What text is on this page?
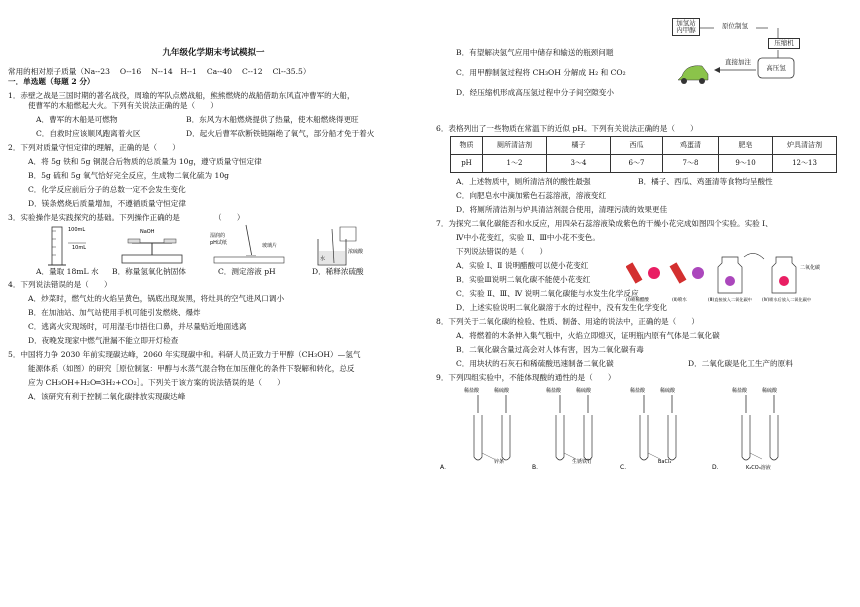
九年级化学期末考试模拟一
常用的相对原子质量（Na--23　 O--16　 N--14　H--1　 Ca--40　 C--12　 Cl--35.5）
一．单选题（每题 2 分）
1．赤壁之战是三国时期的著名战役，周瑜的军队点燃战船，熊熊燃烧的战船借助东风直冲曹军的大船，
使曹军的木船燃起大火。下列有关说法正确的是（　　）
A．曹军的木船是可燃物	B．东风为木船燃烧提供了热量，使木船燃烧得更旺
C．自救时应该顺风跑离着火区	D．起火后曹军砍断铁链隔绝了氧气，部分船才免于着火
2．下列对质量守恒定律的理解，正确的是（　　）
A．将 5g 铁和 5g 铜混合后物质的总质量为 10g，遵守质量守恒定律
B．5g 硫和 5g 氧气恰好完全反应，生成物二氧化硫为 10g
C．化学反应前后分子的总数一定不会发生变化
D．镁条燃烧后质量增加，不遵循质量守恒定律
3．实验操作是实践探究的基础。下列操作正确的是　　　　　（　　）
100mL
10mL
NaOH
湿润的
pH试纸	玻璃片
浓硫酸
水
A．量取 18mL 水	B．称量氢氧化钠固体	C．测定溶液 pH	D．稀释浓硫酸
4．下列说法错误的是（　　）
A．炒菜时，燃气灶的火焰呈黄色，锅底出现炭黑，将灶具的空气进风口调小
B．在加油站、加气站使用手机可能引发燃烧、爆炸
C．逃离火灾现场时，可用湿毛巾捂住口鼻，并尽量贴近地面逃离
D．夜晚发现家中燃气泄漏不能立即开灯检查
5．中国将力争 2030 年前实现碳达峰，2060 年实现碳中和。科研人员正致力于甲醇（CH₃OH）—氢气
能源体系（如图）的研究［原位制氢：甲醇与水蒸气混合物在加压催化的条件下裂解和转化，总反
应为 CH₃OH+H₂O═3H₂+CO₂］。下列关于该方案的说法错误的是（　　）
A．该研究有利于控制二氧化碳排放实现碳达峰
B．有望解决氢气应用中储存和输送的瓶颈问题
C．用甲醇制氢过程将 CH₃OH 分解成 H₂ 和 CO₂
D．经压缩机形成高压氢过程中分子间空隙变小
加氢站
内甲醇
原位制氢
压缩机
高压氢
直接加注
6．表格列出了一些物质在常温下的近似 pH。下列有关说法正确的是（　　）
物质	厕所清洁剂	橘子	西瓜	鸡蛋清	肥皂	炉具清洁剂
pH	1～2	3～4	6～7	7～8	9～10	12～13
A．上述物质中，厕所清洁剂的酸性最强	B．橘子、西瓜、鸡蛋清等食物均呈酸性
C．向肥皂水中滴加紫色石蕊溶液，溶液变红
D．将厕所清洁剂与炉具清洁剂混合使用，清理污渍的效果更佳
7．为探究二氧化碳能否和水反应，用四朵石蕊溶液染成紫色的干燥小花完成如图四个实验。实验 Ⅰ、
Ⅳ中小花变红，实验 Ⅱ、Ⅲ中小花不变色。
下列说法错误的是（　　）
A．实验 Ⅰ、Ⅱ 说明醋酸可以使小花变红
B．实验Ⅲ说明二氧化碳不能使小花变红
C．实验 Ⅱ、Ⅲ、Ⅳ 说明二氧化碳能与水发生化学反应
D．上述实验说明二氧化碳溶于水的过程中，没有发生化学变化
二氧化碳
(Ⅰ)喷稀醋酸	(Ⅱ)喷水	(Ⅲ)直接放入二氧化碳中 (Ⅳ)喷水后放入二氧化碳中
8．下列关于二氧化碳的检验、性质、制备、用途的说法中，正确的是（　　）
A．将燃着的木条伸入集气瓶中，火焰立即熄灭，证明瓶内原有气体是二氧化碳
B．二氧化碳含量过高会对人体有害，因为二氧化碳有毒
C．用块状的石灰石和稀硫酸迅速制备二氧化碳	D．二氧化碳是化工生产的原料
9．下列四组实验中，不能体现酸的通性的是（　　）
稀盐酸	稀硫酸
A．
锌条
稀盐酸	稀硫酸
B．
生锈铁钉
稀盐酸	稀硫酸
C．
BaCl₂
稀盐酸	稀硫酸
D．	K₂CO₃溶液
